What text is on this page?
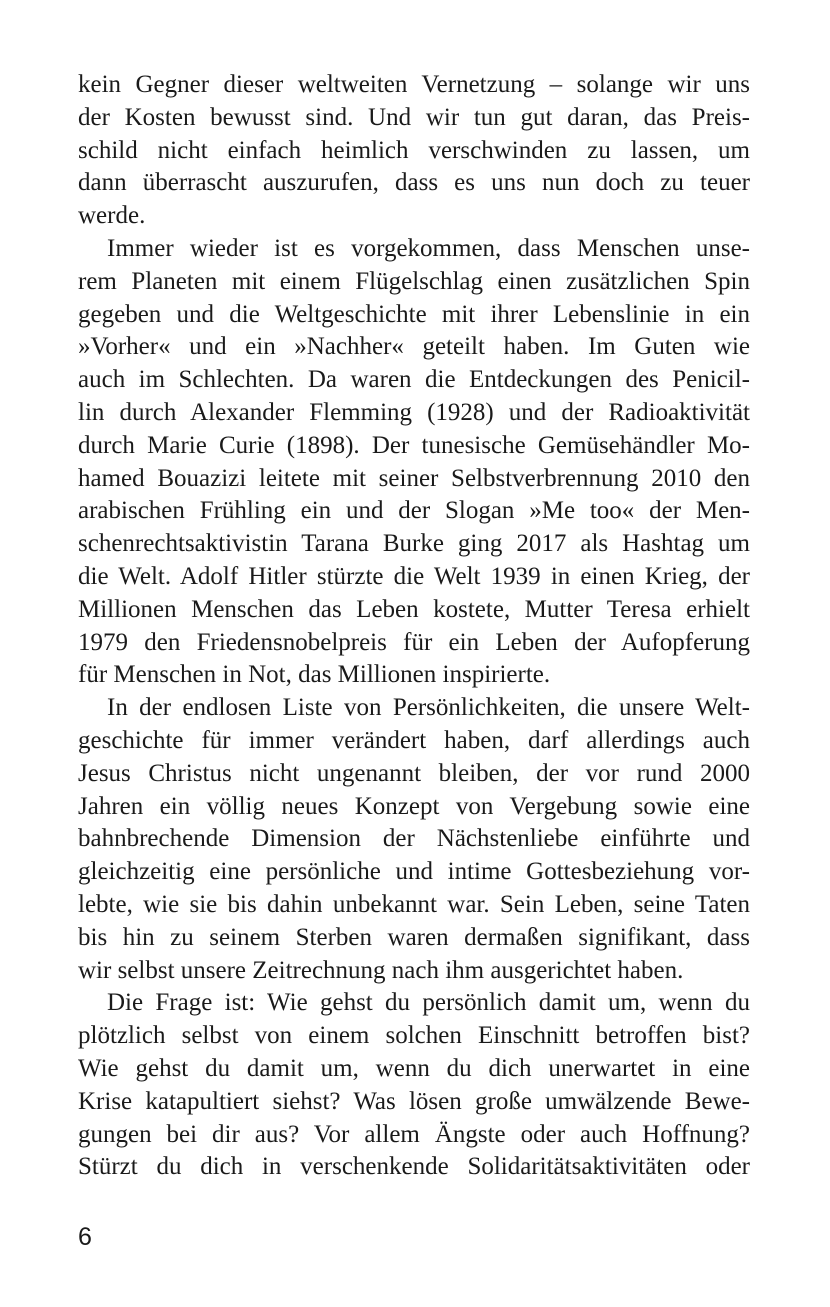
kein Gegner dieser weltweiten Vernetzung – solange wir uns
der Kosten bewusst sind. Und wir tun gut daran, das Preis-
schild nicht einfach heimlich verschwinden zu lassen, um
dann überrascht auszurufen, dass es uns nun doch zu teuer
werde.
Immer wieder ist es vorgekommen, dass Menschen unse-
rem Planeten mit einem Flügelschlag einen zusätzlichen Spin
gegeben und die Weltgeschichte mit ihrer Lebenslinie in ein
»Vorher« und ein »Nachher« geteilt haben. Im Guten wie
auch im Schlechten. Da waren die Entdeckungen des Penicil-
lin durch Alexander Flemming (1928) und der Radioaktivität
durch Marie Curie (1898). Der tunesische Gemüsehändler Mo-
hamed Bouazizi leitete mit seiner Selbstverbrennung 2010 den
arabischen Frühling ein und der Slogan »Me too« der Men-
schenrechtsaktivistin Tarana Burke ging 2017 als Hashtag um
die Welt. Adolf Hitler stürzte die Welt 1939 in einen Krieg, der
Millionen Menschen das Leben kostete, Mutter Teresa erhielt
1979 den Friedensnobelpreis für ein Leben der Aufopferung
für Menschen in Not, das Millionen inspirierte.
In der endlosen Liste von Persönlichkeiten, die unsere Welt-
geschichte für immer verändert haben, darf allerdings auch
Jesus Christus nicht ungenannt bleiben, der vor rund 2000
Jahren ein völlig neues Konzept von Vergebung sowie eine
bahnbrechende Dimension der Nächstenliebe einführte und
gleichzeitig eine persönliche und intime Gottesbeziehung vor-
lebte, wie sie bis dahin unbekannt war. Sein Leben, seine Taten
bis hin zu seinem Sterben waren dermaßen signifikant, dass
wir selbst unsere Zeitrechnung nach ihm ausgerichtet haben.
Die Frage ist: Wie gehst du persönlich damit um, wenn du
plötzlich selbst von einem solchen Einschnitt betroffen bist?
Wie gehst du damit um, wenn du dich unerwartet in eine
Krise katapultiert siehst? Was lösen große umwälzende Bewe-
gungen bei dir aus? Vor allem Ängste oder auch Hoffnung?
Stürzt du dich in verschenkende Solidaritätsaktivitäten oder
6
